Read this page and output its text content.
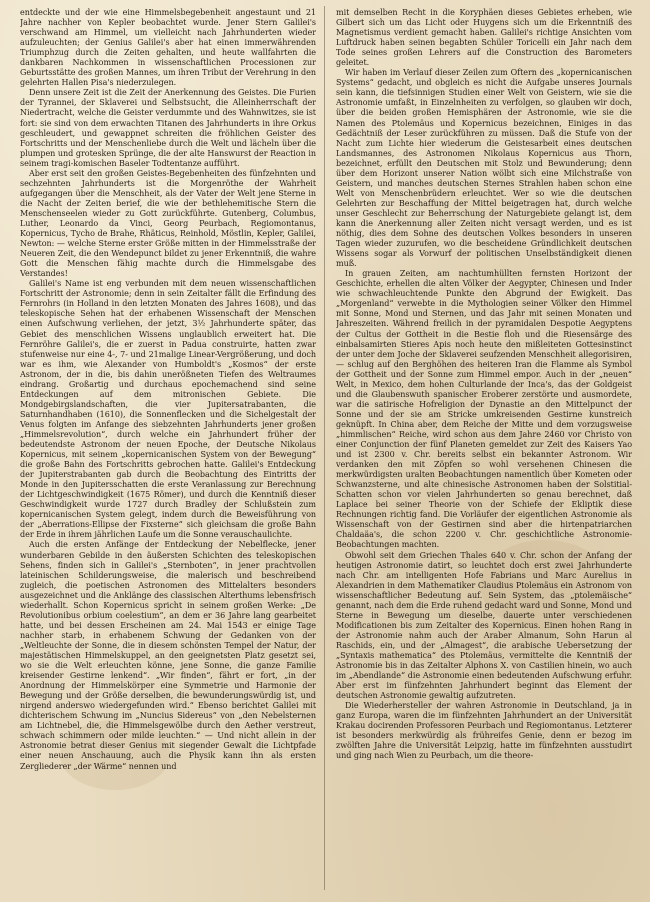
entdeckte und der wie eine Himmelsbegebenheit angestaunt und 21 Jahre nachher von Kepler beobachtet wurde. Jener Stern Galilei's verschwand am Himmel, um vielleicht nach Jahrhunderten wieder aufzuleuchten; der Genius Galilei's aber hat einen immerwährenden Triumphzug durch die Zeiten gehalten, und heute wallfahrten die dankbaren Nachkommen in wissenschaftlichen Processionen zur Geburtsstätte des großen Mannes, um ihren Tribut der Verehrung in den gelehrten Hallen Pisa's niederzulegen.

Denn unsere Zeit ist die Zeit der Anerkennung des Geistes. Die Furien der Tyrannei, der Sklaverei und Selbstsucht, die Alleinherrschaft der Niedertracht, welche die Geister verdummte und des Wahnwitzes, sie ist fort: sie sind von dem erwachten Titanen des Jahrhunderts in ihre Orkus geschleudert, und gewappnet schreiten die fröhlichen Geister des Fortschritts und der Menschenliebe durch die Welt und lächeln über die plumpen und grotesken Sprünge, die der alte Hanswurst der Reaction in seinem tragi-komischen Baseler Todtentanze aufführt.

Aber erst seit den großen Geistes-Begebenheiten des fünfzehnten und sechzehnten Jahrhunderts ist die Morgenröthe der Wahrheit aufgegangen über die Menschheit, als der Vater der Welt jene Sterne in die Nacht der Zeiten berief, die wie der bethlehemitische Stern die Menschenseelen wieder zu Gott zurückführte. Gutenberg, Columbus, Luther, Leonardo da Vinci, Georg Peurbach, Regiomontanus, Kopernicus, Tycho de Brahe, Rhäticus, Reinhold, Möstlin, Kepler, Galilei, Newton: — welche Sterne erster Größe mitten in der Himmelsstraße der Neueren Zeit, die den Wendepunct bildet zu jener Erkenntniß, die wahre Gott die Menschen fähig machte durch die Himmelsgabe des Verstandes!

Galilei's Name ist eng verbunden mit dem neuen wissenschaftlichen Fortschritt der Astronomie; denn in sein Zeitalter fällt die Erfindung des Fernrohrs (in Holland in den letzten Monaten des Jahres 1608), und das teleskopische Sehen hat der erhabenen Wissenschaft der Menschen einen Aufschwung verliehen, der jetzt, 3½ Jahrhunderte später, das Gebiet des menschlichen Wissens unglaublich erweitert hat. Die Fernröhre Galilei's, die er zuerst in Padua construirte, hatten zwar stufenweise nur eine 4-, 7- und 21malige Linear-Vergrößerung, und doch war es ihm, wie Alexander von Humboldt's „Kosmos“ der erste Astronom, der in die, bis dahin unerößneten Tiefen des Weltraumes eindrang. Großartig und durchaus epochemachend sind seine Entdeckungen auf dem mitronischen Gebiete. Die Mondgebirgslandschaften, die vier Jupitersatrabanten, die Saturnhandhaben (1610), die Sonnenflecken und die Sichelgestalt der Venus folgten im Anfange des siebzehnten Jahrhunderts jener großen „Himmelsrevolution“, durch welche ein Jahrhundert früher der bedeutendste Astronom der neuen Epoche, der Deutsche Nikolaus Kopernicus, mit seinem „kopernicanischen System von der Bewegung“ die große Bahn des Fortschritts gebrochen hatte. Galilei's Entdeckung der Jupiterstrabanten gab durch die Beobachtung des Eintritts der Monde in den Jupitersschatten die erste Veranlassung zur Berechnung der Lichtgeschwindigkeit (1675 Römer), und durch die Kenntniß dieser Geschwindigkeit wurde 1727 durch Bradley der Schlußstein zum kopernicanischen System gelegt, indem durch die Beweisführung von der „Aberrations-Ellipse der Fixsterne“ sich gleichsam die große Bahn der Erde in ihrem jährlichen Laufe um die Sonne verauschaulichte.

Auch die ersten Anfänge der Entdeckung der Nebelflecke, jener wunderbaren Gebilde in den äußersten Schichten des teleskopischen Sehens, finden sich in Galilei's „Sternboten“, in jener prachtvollen lateinischen Schilderungsweise, die malerisch und beschreibend zugleich, die poetischen Astronomen des Mittelalters besonders ausgezeichnet und die Anklänge des classischen Alterthums lebensfrisch wiederhallt. Schon Kopernicus spricht in seinem großen Werke: „De Revolutionibus orbium coelestium“, an dem er 36 Jahre lang gearbeitet hatte, und bei dessen Erscheinen am 24. Mai 1543 er einige Tage nachher starb, in erhabenem Schwung der Gedanken von der „Weltleuchte der Sonne, die in diesem schönsten Tempel der Natur, der majestätischen Himmelskuppel, an den geeignetsten Platz gesetzt sei, wo sie die Welt erleuchten könne, jene Sonne, die ganze Familie kreisender Gestirne lenkend“. „Wir finden“, fährt er fort, „in der Anordnung der Himmelskörper eine Symmetrie und Harmonie der Bewegung und der Größe derselben, die bewunderungswürdig ist, und nirgend anderswo wiedergefunden wird.“ Ebenso berichtet Galilei mit dichterischem Schwung im „Nuncius Sidereus“ von „den Nebelsternen am Lichtnebel, die, die Himmelsgewölbe durch den Aether verstreut, schwach schimmern oder milde leuchten.“ — Und nicht allein in der Astronomie betrat dieser Genius mit siegender Gewalt die Lichtpfade einer neuen Anschauung, auch die Physik kann ihn als ersten Zergliederer „der Wärme“ nennen und

mit demselben Recht in die Koryphäen dieses Gebietes erheben, wie Gilbert sich um das Licht oder Huygens sich um die Erkenntniß des Magnetismus verdient gemacht haben. Galilei's richtige Ansichten vom Luftdruck haben seinen begabten Schüler Toricelli ein Jahr nach dem Tode seines großen Lehrers auf die Construction des Barometers geleitet.

Wir haben im Verlauf dieser Zeilen zum Oftern des „kopernicanischen Systems“ gedacht, und obgleich es nicht die Aufgabe unseres Journals sein kann, die tiefsinnigen Studien einer Welt von Geistern, wie sie die Astronomie umfaßt, in Einzelnheiten zu verfolgen, so glauben wir doch, über die beiden großen Hemisphären der Astronomie, wie sie die Namen des Ptolemäus und Kopernicus bezeichnen, Einiges in das Gedächtniß der Leser zurückführen zu müssen. Daß die Stufe von der Nacht zum Lichte hier wiederum die Geistesarbeit eines deutschen Landsmannes, des Astronomen Nikolaus Kopernicus aus Thorn, bezeichnet, erfüllt den Deutschen mit Stolz und Bewunderung; denn über dem Horizont unserer Nation wölbt sich eine Milchstraße von Geistern, und manches deutschen Sternes Strahlen haben schon eine Welt von Menschenbrüdern erleuchtet. Wer so wie die deutschen Gelehrten zur Beschaffung der Mittel beigetragen hat, durch welche unser Geschlecht zur Beherrschung der Naturgebiete gelangt ist, dem kann die Anerkennung aller Zeiten nicht versagt werden, und es ist nöthig, dies dem Sohne des deutschen Volkes besonders in unseren Tagen wieder zuzurufen, wo die bescheidene Gründlichkeit deutschen Wissens sogar als Vorwurf der politischen Unselbständigkeit dienen muß.

In grauen Zeiten, am nachtumhüllten fernsten Horizont der Geschichte, erhellen die alten Völker der Aegypter, Chinesen und Inder wie schwachleuchtende Punkte den Abgrund der Ewigkeit. Das „Morgenland“ verwebte in die Mythologien seiner Völker den Himmel mit Sonne, Mond und Sternen, und das Jahr mit seinen Monaten und Jahreszeiten. Während freilich in der pyramidalen Despotie Aegyptens der Cultus der Gottheit in die Bestie floh und die Riesensärge des einbalsamirten Stieres Apis noch heute den mißleiteten Gottesinstinct der unter dem Joche der Sklaverei seufzenden Menschheit allegorisiren, — schlug auf den Berghöhen des heiteren Iran die Flamme als Symbol der Gottheit und der Sonne zum Himmel empor. Auch in der „neuen“ Welt, in Mexico, dem hohen Culturlande der Inca's, das der Goldgeist und die Glaubenswuth spanischer Eroberer zerstörte und ausmordete, war die satirische Hofreligion der Dynastie an den Mittelpunct der Sonne und der sie am Stricke umkreisenden Gestirne kunstreich geknüpft. In China aber, dem Reiche der Mitte und dem vorzugsweise „himmlischen“ Reiche, wird schon aus dem Jahre 2460 vor Christo von einer Conjunction der fünf Planeten gemeldet zur Zeit des Kaisers Yao und ist 2300 v. Chr. bereits selbst ein bekannter Astronom. Wir verdanken den mit Zöpfen so wohl versehenen Chinesen die merkwürdigsten uralten Beobachtungen namentlich über Kometen oder Schwanzsterne, und alte chinesische Astronomen haben der Solstitial-Schatten schon vor vielen Jahrhunderten so genau berechnet, daß Laplace bei seiner Theorie von der Schiefe der Ekliptik diese Rechnungen richtig fand. Die Vorläufer der eigentlichen Astronomie als Wissenschaft von der Gestirnen sind aber die hirtenpatriarchen Chaldaäa's, die schon 2200 v. Chr. geschichtliche Astronomie-Beobachtungen machten.

Obwohl seit dem Griechen Thales 640 v. Chr. schon der Anfang der heutigen Astronomie datirt, so leuchtet doch erst zwei Jahrhunderte nach Chr. am intelligenten Hofe Fabrians und Marc Aurelius in Alexandrien in dem Mathematiker Claudius Ptolemäus ein Astronom von wissenschaftlicher Bedeutung auf. Sein System, das „ptolemäische“ genannt, nach dem die Erde ruhend gedacht ward und Sonne, Mond und Sterne in Bewegung um dieselbe, dauerte unter verschiedenen Modificationen bis zum Zeitalter des Kopernicus. Einen hohen Rang in der Astronomie nahm auch der Araber Almanum, Sohn Harun al Raschids, ein, und der „Almagest“, die arabische Uebersetzung der „Syntaxis mathematica“ des Ptolemäus, vermittelte die Kenntniß der Astronomie bis in das Zeitalter Alphons X. von Castilien hinein, wo auch im „Abendlande“ die Astronomie einen bedeutenden Aufschwung erfuhr. Aber erst im fünfzehnten Jahrhundert beginnt das Element der deutschen Astronomie gewaltig aufzutreten.

Die Wiederhersteller der wahren Astronomie in Deutschland, ja in ganz Europa, waren die im fünfzehnten Jahrhundert an der Universität Krakau docirenden Professoren Peurbach und Regiomontanus. Letzterer ist besonders merkwürdig als frühreifes Genie, denn er bezog im zwölften Jahre die Universität Leipzig, hatte im fünfzehnten ausstudirt und ging nach Wien zu Peurbach, um die theore-
